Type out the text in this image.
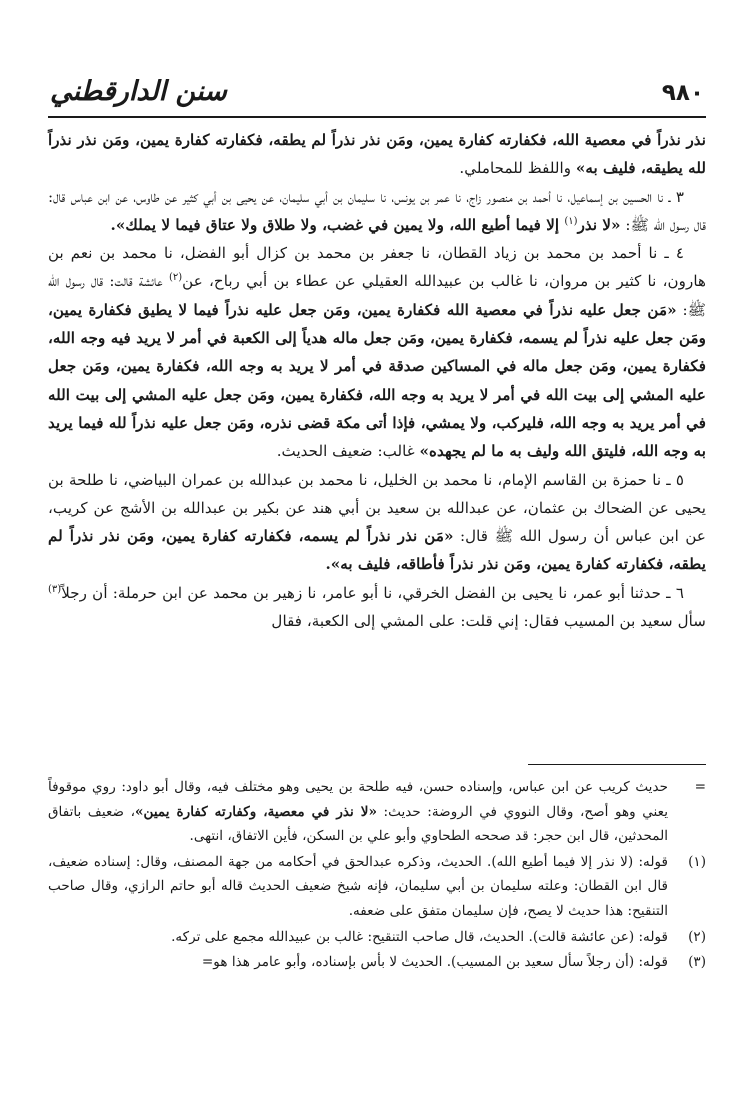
سنن الدارقطني	٩٨٠

نذر نذراً في معصية الله، فكفارته كفارة يمين، ومَن نذر نذراً لم يطقه، فكفارته كفارة يمين، ومَن نذر نذراً لله يطيقه، فليف به» واللفظ للمحاملي.

٣ ـ نا الحسين بن إسماعيل، نا أحمد بن منصور زاج، نا عمر بن يونس، نا سليمان بن أبي سليمان، عن يحيى بن أبي كثير عن طاوس، عن ابن عباس قال: قال رسول الله ﷺ: «لا نذر$^{(١)}$ إلا فيما أطيع الله، ولا يمين في غضب، ولا طلاق ولا عتاق فيما لا يملك».

٤ ـ نا أحمد بن محمد بن زياد القطان، نا جعفر بن محمد بن كزال أبو الفضل، نا محمد بن نعم بن هارون، نا كثير بن مروان، نا غالب بن عبيدالله العقيلي عن عطاء بن أبي رباح، عن$^{(٢)}$ عائشة قالت: قال رسول الله ﷺ: «مَن جعل عليه نذراً في معصية الله فكفارة يمين، ومَن جعل عليه نذراً فيما لا يطيق فكفارة يمين، ومَن جعل عليه نذراً لم يسمه، فكفارة يمين، ومَن جعل ماله هدياً إلى الكعبة في أمر لا يريد فيه وجه الله، فكفارة يمين، ومَن جعل ماله في المساكين صدقة في أمر لا يريد به وجه الله، فكفارة يمين، ومَن جعل عليه المشي إلى بيت الله في أمر لا يريد به وجه الله، فكفارة يمين، ومَن جعل عليه المشي إلى بيت الله في أمر يريد به وجه الله، فليركب، ولا يمشي، فإذا أتى مكة قضى نذره، ومَن جعل عليه نذراً لله فيما يريد به وجه الله، فليتق الله وليف به ما لم يجهده» غالب: ضعيف الحديث.

٥ ـ نا حمزة بن القاسم الإمام، نا محمد بن الخليل، نا محمد بن عبدالله بن عمران البياضي، نا طلحة بن يحيى عن الضحاك بن عثمان، عن عبدالله بن سعيد بن أبي هند عن بكير بن عبدالله بن الأشج عن كريب، عن ابن عباس أن رسول الله ﷺ قال: «مَن نذر نذراً لم يسمه، فكفارته كفارة يمين، ومَن نذر نذراً لم يطقه، فكفارته كفارة يمين، ومَن نذر نذراً فأطاقه، فليف به».

٦ ـ حدثنا أبو عمر، نا يحيى بن الفضل الخرقي، نا أبو عامر، نا زهير بن محمد عن ابن حرملة: أن رجلاً$^{(٣)}$ سأل سعيد بن المسيب فقال: إني قلت: على المشي إلى الكعبة، فقال

=
حديث كريب عن ابن عباس، وإسناده حسن، فيه طلحة بن يحيى وهو مختلف فيه، وقال أبو داود: روي موقوفاً يعني وهو أصح، وقال النووي في الروضة: حديث: «لا نذر في معصية، وكفارته كفارة يمين»، ضعيف باتفاق المحدثين، قال ابن حجر: قد صححه الطحاوي وأبو علي بن السكن، فأين الاتفاق، انتهى.
(١)
قوله: (لا نذر إلا فيما أطيع الله). الحديث، وذكره عبدالحق في أحكامه من جهة المصنف، وقال: إسناده ضعيف، قال ابن القطان: وعلته سليمان بن أبي سليمان، فإنه شيخ ضعيف الحديث قاله أبو حاتم الرازي، وقال صاحب التنقيح: هذا حديث لا يصح، فإن سليمان متفق على ضعفه.
(٢)
قوله: (عن عائشة قالت). الحديث، قال صاحب التنقيح: غالب بن عبيدالله مجمع على تركه.
(٣)
قوله: (أن رجلاً سأل سعيد بن المسيب). الحديث لا بأس بإسناده، وأبو عامر هذا هو=
